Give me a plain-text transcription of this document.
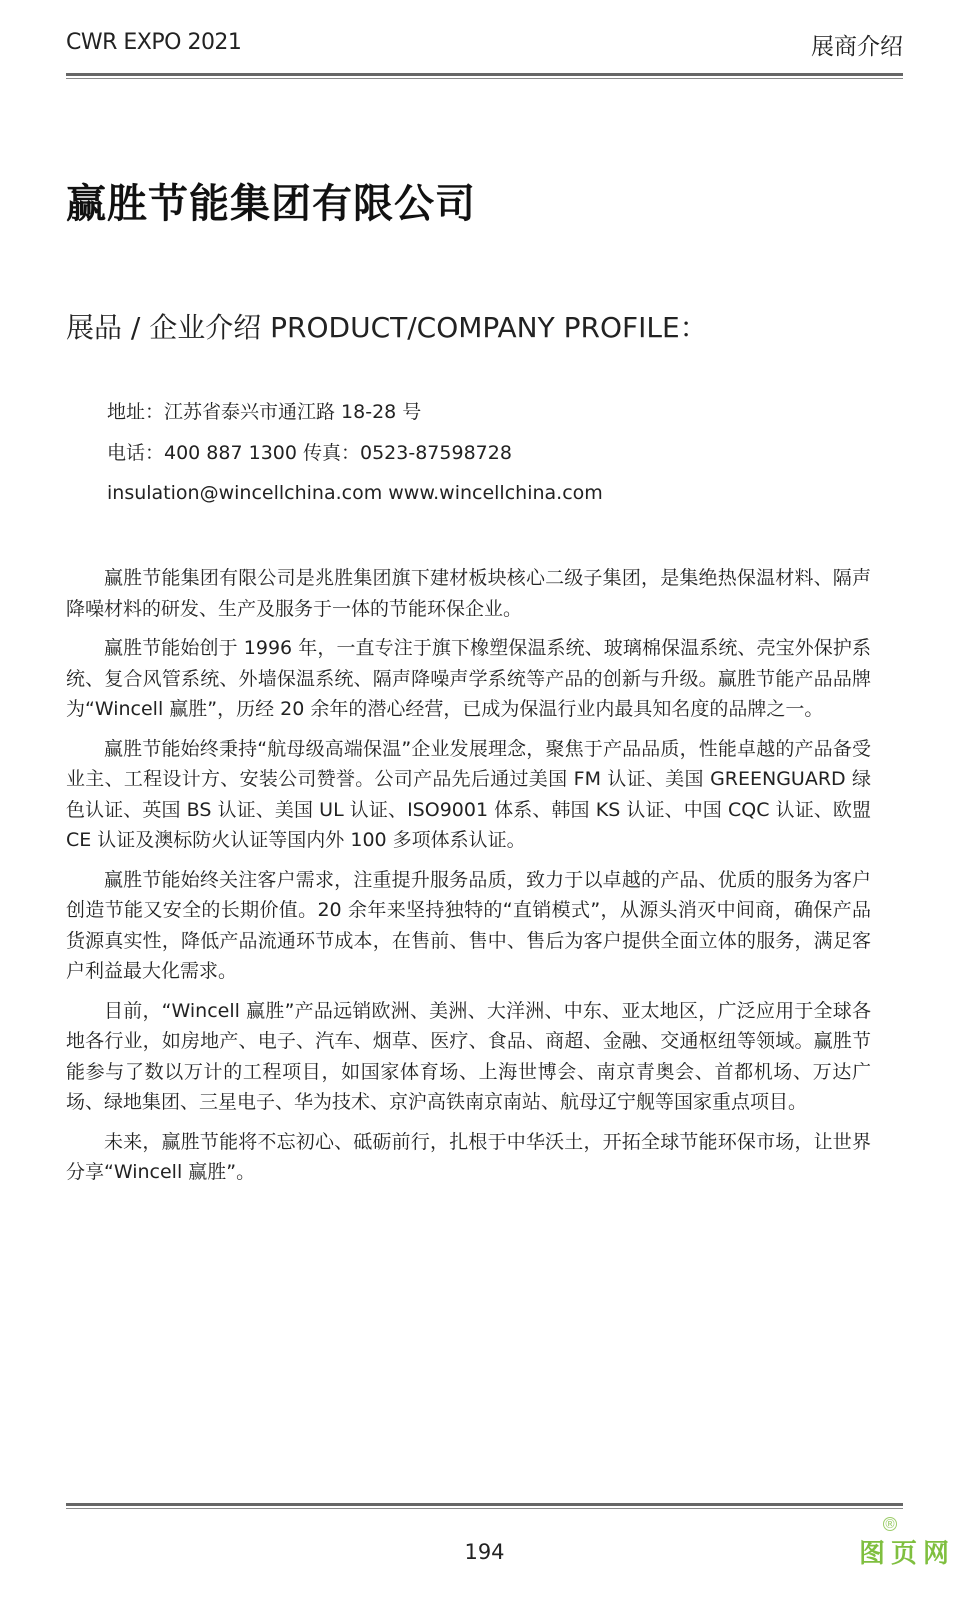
CWR EXPO 2021	展商介绍
赢胜节能集团有限公司
展品 / 企业介绍 PRODUCT/COMPANY PROFILE：
地址：江苏省泰兴市通江路 18-28 号
电话：400 887 1300 传真：0523-87598728
insulation@wincellchina.com www.wincellchina.com

赢胜节能集团有限公司是兆胜集团旗下建材板块核心二级子集团，是集绝热保温材料、隔声降噪材料的研发、生产及服务于一体的节能环保企业。

赢胜节能始创于 1996 年，一直专注于旗下橡塑保温系统、玻璃棉保温系统、壳宝外保护系统、复合风管系统、外墙保温系统、隔声降噪声学系统等产品的创新与升级。赢胜节能产品品牌为“Wincell 赢胜”，历经 20 余年的潜心经营，已成为保温行业内最具知名度的品牌之一。

赢胜节能始终秉持“航母级高端保温”企业发展理念，聚焦于产品品质，性能卓越的产品备受业主、工程设计方、安装公司赞誉。公司产品先后通过美国 FM 认证、美国 GREENGUARD 绿色认证、英国 BS 认证、美国 UL 认证、ISO9001 体系、韩国 KS 认证、中国 CQC 认证、欧盟 CE 认证及澳标防火认证等国内外 100 多项体系认证。

赢胜节能始终关注客户需求，注重提升服务品质，致力于以卓越的产品、优质的服务为客户创造节能又安全的长期价值。20 余年来坚持独特的“直销模式”，从源头消灭中间商，确保产品货源真实性，降低产品流通环节成本，在售前、售中、售后为客户提供全面立体的服务，满足客户利益最大化需求。

目前，“Wincell 赢胜”产品远销欧洲、美洲、大洋洲、中东、亚太地区，广泛应用于全球各地各行业，如房地产、电子、汽车、烟草、医疗、食品、商超、金融、交通枢纽等领域。赢胜节能参与了数以万计的工程项目，如国家体育场、上海世博会、南京青奥会、首都机场、万达广场、绿地集团、三星电子、华为技术、京沪高铁南京南站、航母辽宁舰等国家重点项目。

未来，赢胜节能将不忘初心、砥砺前行，扎根于中华沃土，开拓全球节能环保市场，让世界分享“Wincell 赢胜”。

194	图页网
®
